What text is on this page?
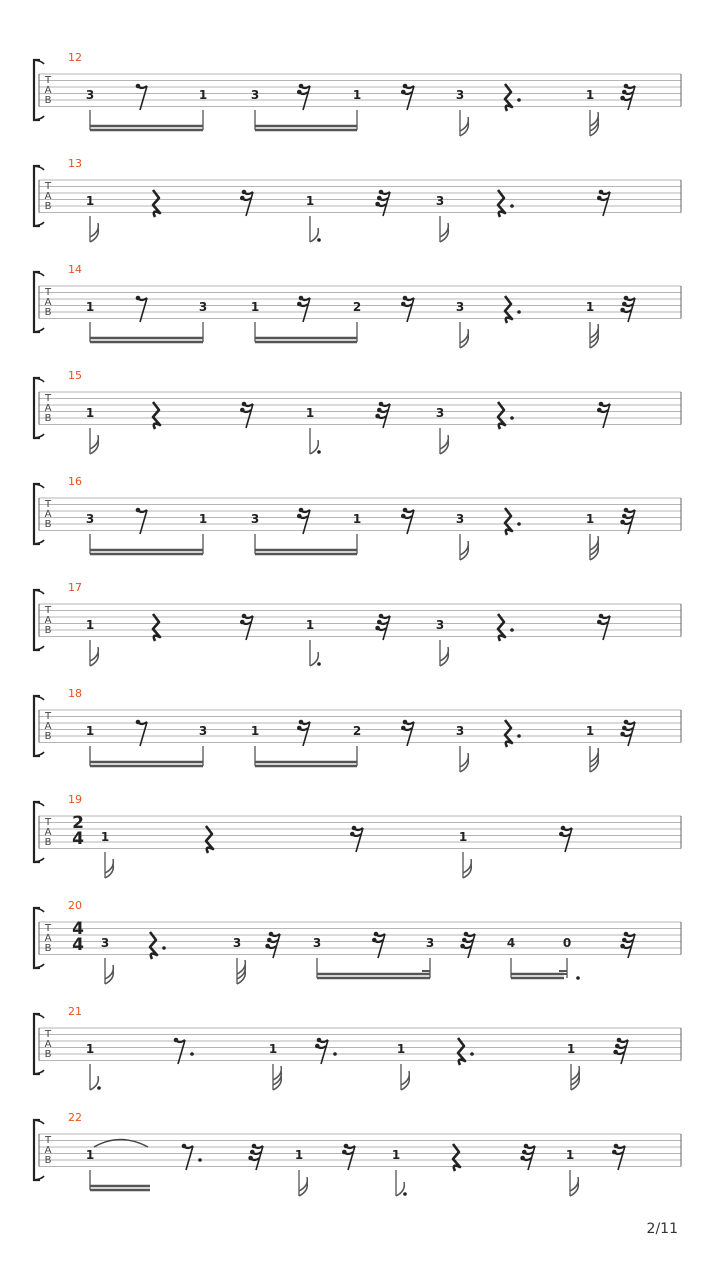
T
A
B
12
3	1	3	1	3	1
T
A
B
13
1	1	3
T
A
B
14
1	3	1	2	3	1
T
A
B
15
1	1	3
T
A
B
16
3	1	3	1	3	1
T
A
B
17
1	1	3
T
A
B
18
1	3	1	2	3	1
T
A
B
19
2
4 1	1
T
A
B
20
4
4 3	3	3	3	4	0
T
A
B
21
1	1	1	1
T
A
B
22
1	1	1	1
2/11
